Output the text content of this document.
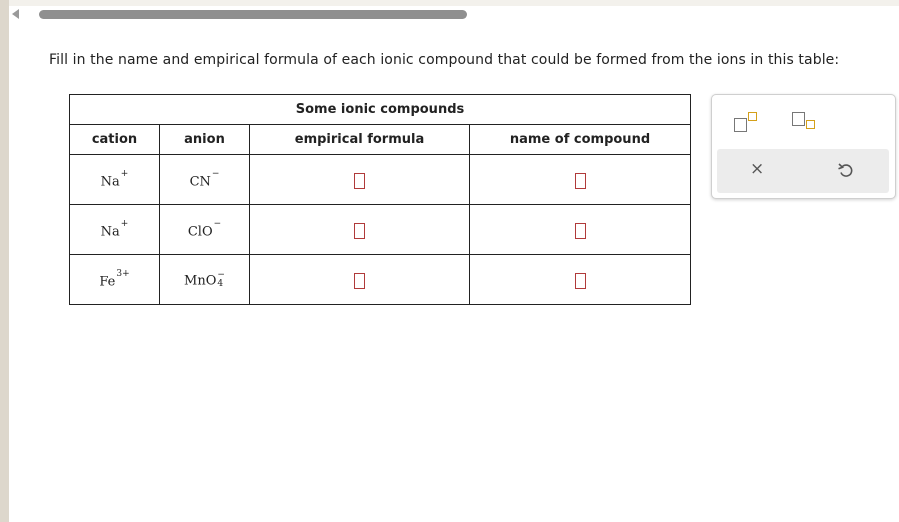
Fill in the name and empirical formula of each ionic compound that could be formed from the ions in this table:
Some ionic compounds			
cation	anion	empirical formula	name of compound
Na+	CN−		
Na+	ClO−		
$Fe^{3+}$	MnO −
4		

×
